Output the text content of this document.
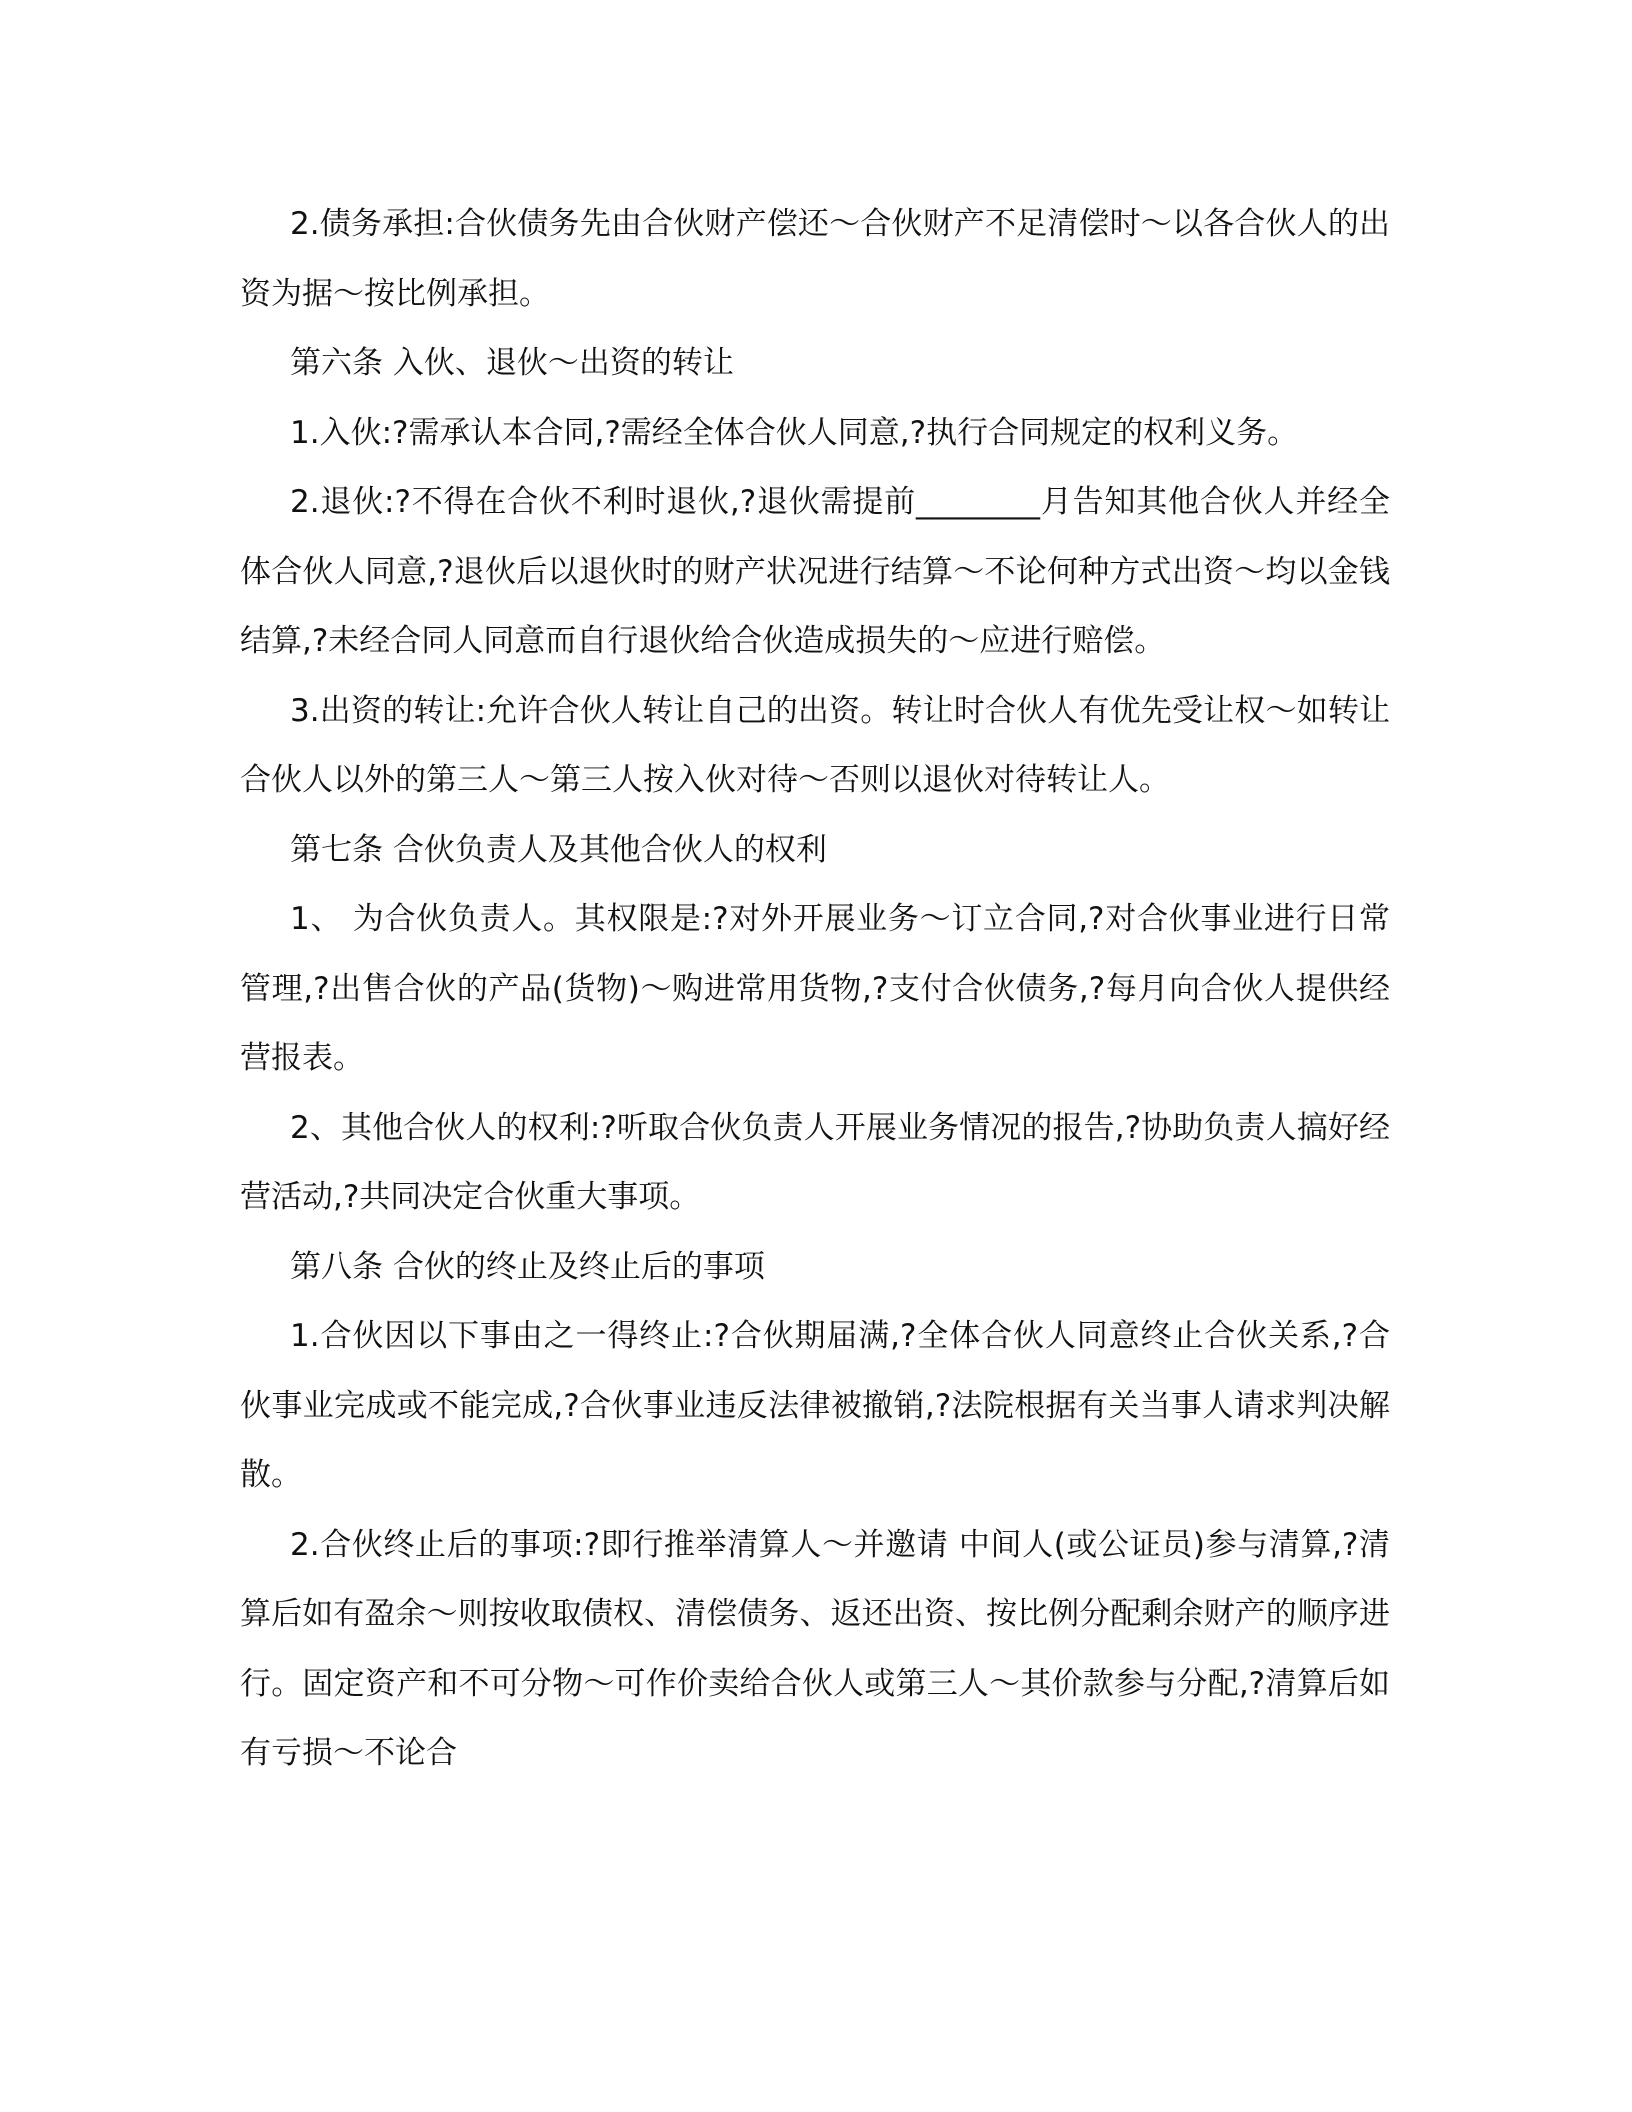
2.债务承担:合伙债务先由合伙财产偿还～合伙财产不足清偿时～以各合伙人的出资为据～按比例承担。

第六条 入伙、退伙～出资的转让

1.入伙:?需承认本合同,?需经全体合伙人同意,?执行合同规定的权利义务。

2.退伙:?不得在合伙不利时退伙,?退伙需提前________月告知其他合伙人并经全体合伙人同意,?退伙后以退伙时的财产状况进行结算～不论何种方式出资～均以金钱结算,?未经合同人同意而自行退伙给合伙造成损失的～应进行赔偿。

3.出资的转让:允许合伙人转让自己的出资。转让时合伙人有优先受让权～如转让合伙人以外的第三人～第三人按入伙对待～否则以退伙对待转让人。

第七条 合伙负责人及其他合伙人的权利

1、 为合伙负责人。其权限是:?对外开展业务～订立合同,?对合伙事业进行日常管理,?出售合伙的产品(货物)～购进常用货物,?支付合伙债务,?每月向合伙人提供经营报表。

2、其他合伙人的权利:?听取合伙负责人开展业务情况的报告,?协助负责人搞好经营活动,?共同决定合伙重大事项。

第八条 合伙的终止及终止后的事项

1.合伙因以下事由之一得终止:?合伙期届满,?全体合伙人同意终止合伙关系,?合伙事业完成或不能完成,?合伙事业违反法律被撤销,?法院根据有关当事人请求判决解散。

2.合伙终止后的事项:?即行推举清算人～并邀请 中间人(或公证员)参与清算,?清算后如有盈余～则按收取债权、清偿债务、返还出资、按比例分配剩余财产的顺序进行。固定资产和不可分物～可作价卖给合伙人或第三人～其价款参与分配,?清算后如有亏损～不论合
